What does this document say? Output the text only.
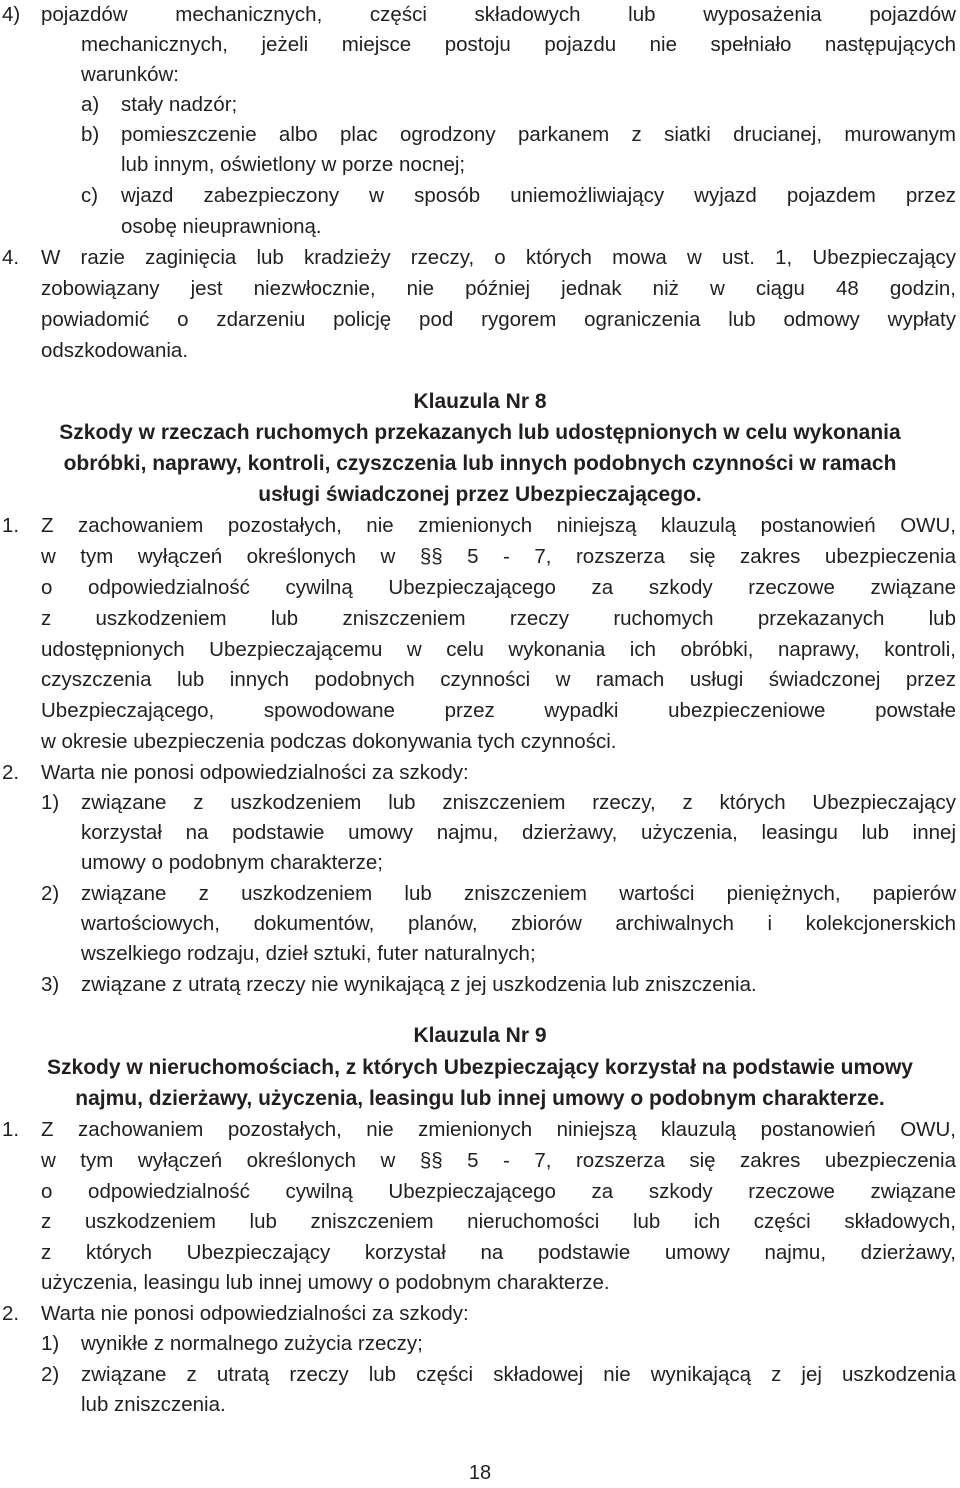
4) pojazdów mechanicznych, części składowych lub wyposażenia pojazdów
mechanicznych, jeżeli miejsce postoju pojazdu nie spełniało następujących
warunków:
a) stały nadzór;
b) pomieszczenie albo plac ogrodzony parkanem z siatki drucianej, murowanym
lub innym, oświetlony w porze nocnej;
c) wjazd zabezpieczony w sposób uniemożliwiający wyjazd pojazdem przez
osobę nieuprawnioną.
4. W razie zaginięcia lub kradzieży rzeczy, o których mowa w ust. 1, Ubezpieczający
zobowiązany jest niezwłocznie, nie później jednak niż w ciągu 48 godzin,
powiadomić o zdarzeniu policję pod rygorem ograniczenia lub odmowy wypłaty
odszkodowania.
Klauzula Nr 8
Szkody w rzeczach ruchomych przekazanych lub udostępnionych w celu wykonania
obróbki, naprawy, kontroli, czyszczenia lub innych podobnych czynności w ramach
usługi świadczonej przez Ubezpieczającego.
1. Z zachowaniem pozostałych, nie zmienionych niniejszą klauzulą postanowień OWU,
w tym wyłączeń określonych w §§ 5 - 7, rozszerza się zakres ubezpieczenia
o odpowiedzialność cywilną Ubezpieczającego za szkody rzeczowe związane
z uszkodzeniem lub zniszczeniem rzeczy ruchomych przekazanych lub
udostępnionych Ubezpieczającemu w celu wykonania ich obróbki, naprawy, kontroli,
czyszczenia lub innych podobnych czynności w ramach usługi świadczonej przez
Ubezpieczającego, spowodowane przez wypadki ubezpieczeniowe powstałe
w okresie ubezpieczenia podczas dokonywania tych czynności.
2. Warta nie ponosi odpowiedzialności za szkody:
1) związane z uszkodzeniem lub zniszczeniem rzeczy, z których Ubezpieczający
korzystał na podstawie umowy najmu, dzierżawy, użyczenia, leasingu lub innej
umowy o podobnym charakterze;
2) związane z uszkodzeniem lub zniszczeniem wartości pieniężnych, papierów
wartościowych, dokumentów, planów, zbiorów archiwalnych i kolekcjonerskich
wszelkiego rodzaju, dzieł sztuki, futer naturalnych;
3) związane z utratą rzeczy nie wynikającą z jej uszkodzenia lub zniszczenia.
Klauzula Nr 9
Szkody w nieruchomościach, z których Ubezpieczający korzystał na podstawie umowy
najmu, dzierżawy, użyczenia, leasingu lub innej umowy o podobnym charakterze.
1. Z zachowaniem pozostałych, nie zmienionych niniejszą klauzulą postanowień OWU,
w tym wyłączeń określonych w §§ 5 - 7, rozszerza się zakres ubezpieczenia
o odpowiedzialność cywilną Ubezpieczającego za szkody rzeczowe związane
z uszkodzeniem lub zniszczeniem nieruchomości lub ich części składowych,
z których Ubezpieczający korzystał na podstawie umowy najmu, dzierżawy,
użyczenia, leasingu lub innej umowy o podobnym charakterze.
2. Warta nie ponosi odpowiedzialności za szkody:
1) wynikłe z normalnego zużycia rzeczy;
2) związane z utratą rzeczy lub części składowej nie wynikającą z jej uszkodzenia
lub zniszczenia.
18
